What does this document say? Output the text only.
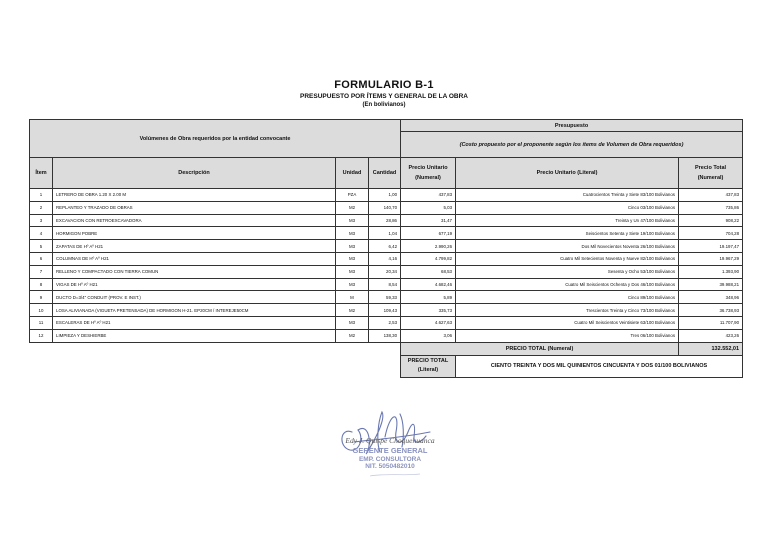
FORMULARIO B-1
PRESUPUESTO POR ÍTEMS Y GENERAL DE LA OBRA
(En bolivianos)
Volúmenes de Obra requeridos por la entidad convocante				Presupuesto		
				(Costo propuesto por el proponente según los ítems de Volumen de Obra requeridos)		
Ítem	Descripción	Unidad	Cantidad	Precio Unitario (Numeral)	Precio Unitario (Literal)	Precio Total (Numeral)
1	LETRERO DE OBRA 1.20 X 2.00 M	PZA	1,00	437,83	Cuatrocientos Treinta y Siete 83/100 Bolivianos	437,83
2	REPLANTEO Y TRAZADO DE OBRAS	M2	140,70	5,03	Cinco 03/100 Bolivianos	735,86
3	EXCAVACION CON RETROEXCAVADORA	M3	28,86	31,47	Treinta y Un 47/100 Bolivianos	908,22
4	HORMIGON POBRE	M3	1,04	677,19	Seiscientos Setenta y Siete 19/100 Bolivianos	704,28
5	ZAPATAS DE Hº Aº H21	M3	6,42	2.990,26	Dos Mil Novecientos Noventa 26/100 Bolivianos	19.197,47
6	COLUMNAS DE Hº Aº H21	M3	4,16	4.799,82	Cuatro Mil Setecientos Noventa y Nueve 82/100 Bolivianos	19.967,29
7	RELLENO Y COMPACTADO CON TIERRA COMUN	M3	20,34	68,53	Sesenta y Ocho 53/100 Bolivianos	1.393,90
8	VIGAS DE Hº Aº H21	M3	8,54	4.682,46	Cuatro Mil Seiscientos Ochenta y Dos 46/100 Bolivianos	39.988,21
9	DUCTO D=3/4" CONDUIT (PROV. E INST.)	M	59,33	5,89	Cinco 89/100 Bolivianos	348,96
10	LOSA ALIVIANADA (VIGUETA PRETENSADA) DE HORMIGON H-21. EP20CM / INTEREJE50CM	M2	109,43	335,73	Trescientos Treinta y Cinco 73/100 Bolivianos	36.738,93
11	ESCALERAS DE Hº Aº H21	M3	2,53	4.627,63	Cuatro Mil Seiscientos Veintisiete 63/100 Bolivianos	11.707,90
12	LIMPIEZA Y DESHIERBE	M2	138,30	3,06	Tres 06/100 Bolivianos	423,26
				PRECIO TOTAL (Numeral)		132.552,01

				PRECIO TOTAL
(Literal)	CIENTO TREINTA Y DOS MIL QUINIENTOS CINCUENTA Y DOS 01/100 BOLIVIANOS	
Edy J. Quispe Choquehuanca
GERENTE GENERAL
EMP. CONSULTORA
NIT. 5050482010
